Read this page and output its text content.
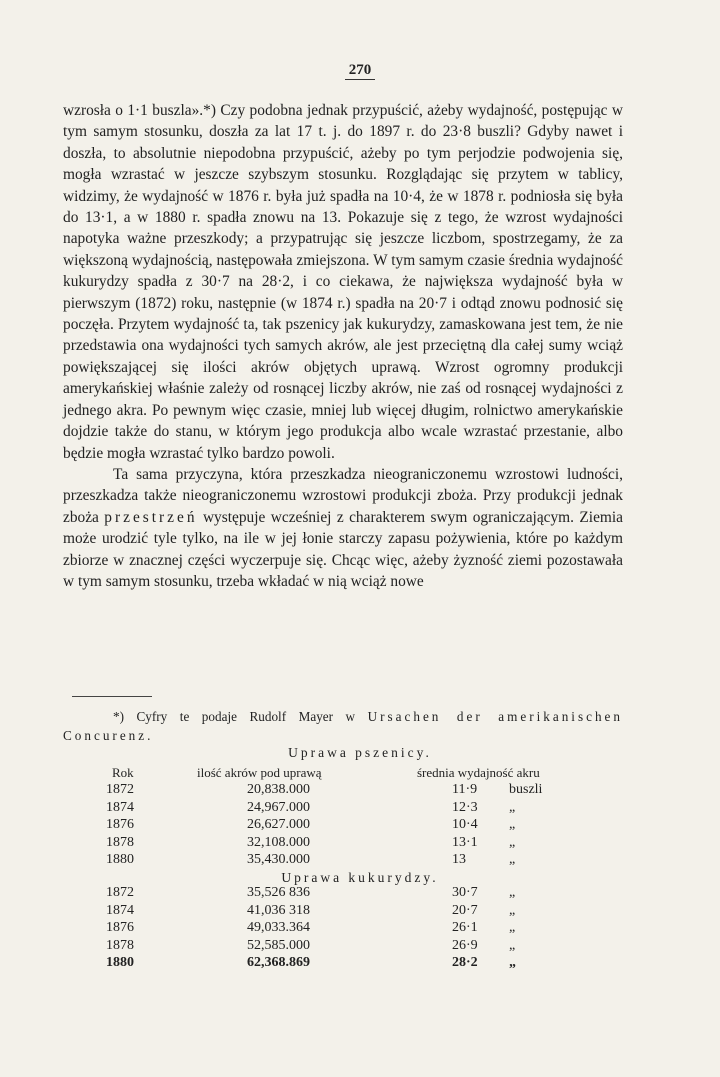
270

wzrosła o 1·1 buszla».*) Czy podobna jednak przypuścić, ażeby wydajność, postępując w tym samym stosunku, doszła za lat 17 t. j. do 1897 r. do 23·8 buszli? Gdyby nawet i doszła, to absolutnie niepodobna przypuścić, ażeby po tym perjodzie podwojenia się, mogła wzrastać w jeszcze szybszym stosunku. Rozglądając się przytem w tablicy, widzimy, że wydajność w 1876 r. była już spadła na 10·4, że w 1878 r. podniosła się była do 13·1, a w 1880 r. spadła znowu na 13. Pokazuje się z tego, że wzrost wydajności napotyka ważne przeszkody; a przypatrując się jeszcze liczbom, spostrzegamy, że za większoną wydajnością, następowała zmiejszona. W tym samym czasie średnia wydajność kukurydzy spadła z 30·7 na 28·2, i co ciekawa, że największa wydajność była w pierwszym (1872) roku, następnie (w 1874 r.) spadła na 20·7 i odtąd znowu podnosić się poczęła. Przytem wydajność ta, tak pszenicy jak kukurydzy, zamaskowana jest tem, że nie przedstawia ona wydajności tych samych akrów, ale jest przeciętną dla całej sumy wciąż powiększającej się ilości akrów objętych uprawą. Wzrost ogromny produkcji amerykańskiej właśnie zależy od rosnącej liczby akrów, nie zaś od rosnącej wydajności z jednego akra. Po pewnym więc czasie, mniej lub więcej długim, rolnictwo amerykańskie dojdzie także do stanu, w którym jego produkcja albo wcale wzrastać przestanie, albo będzie mogła wzrastać tylko bardzo powoli.

Ta sama przyczyna, która przeszkadza nieograniczonemu wzrostowi ludności, przeszkadza także nieograniczonemu wzrostowi produkcji zboża. Przy produkcji jednak zboża przestrzeń występuje wcześniej z charakterem swym ograniczającym. Ziemia może urodzić tyle tylko, na ile w jej łonie starczy zapasu pożywienia, które po każdym zbiorze w znacznej części wyczerpuje się. Chcąc więc, ażeby żyzność ziemi pozostawała w tym samym stosunku, trzeba wkładać w nią wciąż nowe

*) Cyfry te podaje Rudolf Mayer w Ursachen der amerikanischen Concurenz.
Uprawa pszenicy.
Rok	ilość akrów pod uprawą	średnia wydajność akru
1872	20,838.000	11·9 buszli
1874	24,967.000	12·3 „
1876	26,627.000	10·4 „
1878	32,108.000	13·1 „
1880	35,430.000	13	„
Uprawa kukurydzy.
1872	35,526 836	30·7 „
1874	41,036 318	20·7 „
1876	49,033.364	26·1 „
1878	52,585.000	26·9 „
1880	62,368.869	28·2 „
